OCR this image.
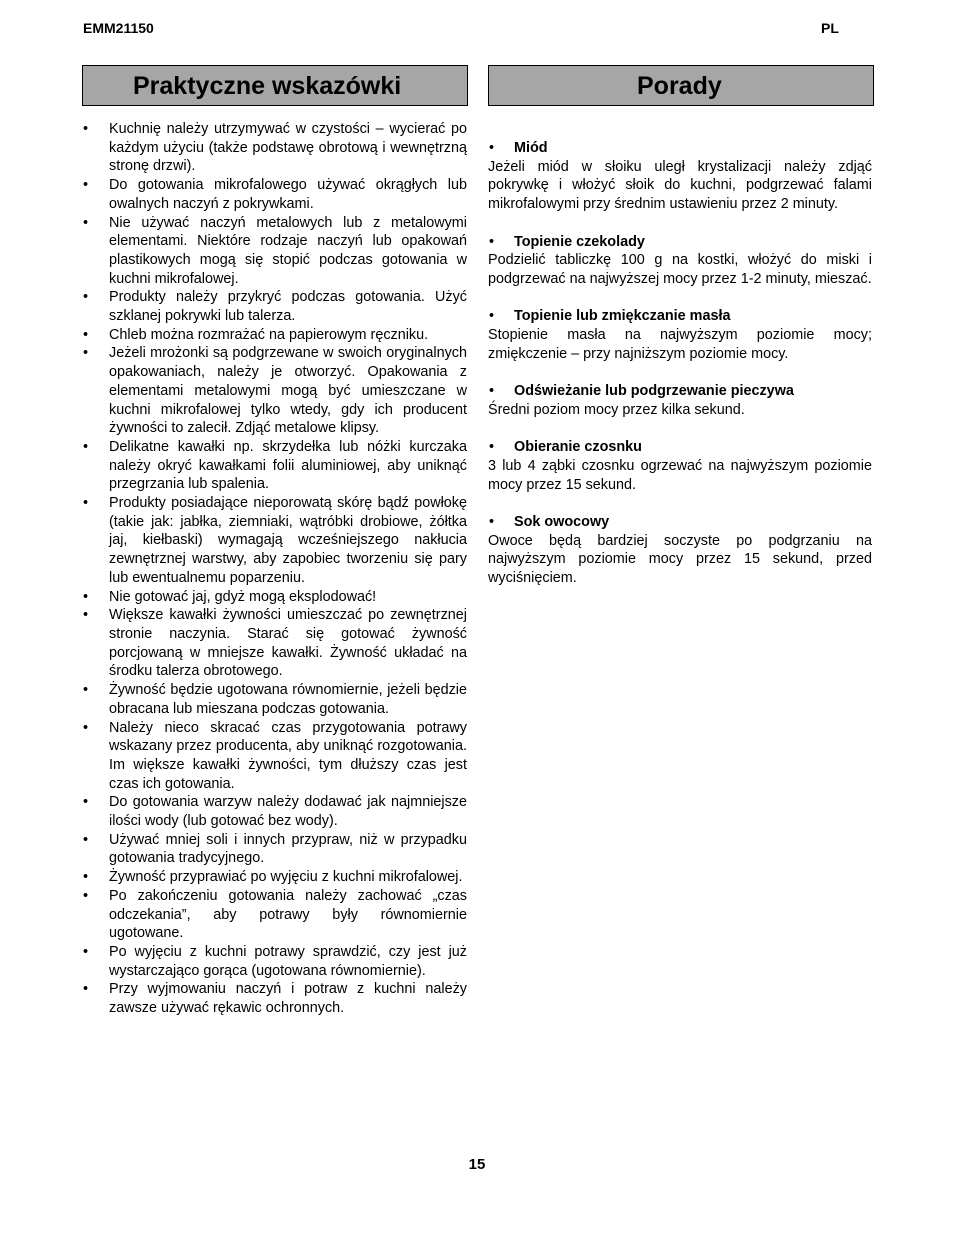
EMM21150	PL
Praktyczne wskazówki	Porady
• Kuchnię należy utrzymywać w czystości – wycierać po każdym użyciu (także podstawę obrotową i wewnętrzną stronę drzwi).
• Do gotowania mikrofalowego używać okrągłych lub owalnych naczyń z pokrywkami.
• Nie używać naczyń metalowych lub z metalowymi elementami. Niektóre rodzaje naczyń lub opakowań plastikowych mogą się stopić podczas gotowania w kuchni mikrofalowej.
• Produkty należy przykryć podczas gotowania. Użyć szklanej pokrywki lub talerza.
• Chleb można rozmrażać na papierowym ręczniku.
• Jeżeli mrożonki są podgrzewane w swoich oryginalnych opakowaniach, należy je otworzyć. Opakowania z elementami metalowymi mogą być umieszczane w kuchni mikrofalowej tylko wtedy, gdy ich producent żywności to zalecił. Zdjąć metalowe klipsy.
• Delikatne kawałki np. skrzydełka lub nóżki kurczaka należy okryć kawałkami folii aluminiowej, aby uniknąć przegrzania lub spalenia.
• Produkty posiadające nieporowatą skórę bądź powłokę (takie jak: jabłka, ziemniaki, wątróbki drobiowe, żółtka jaj, kiełbaski) wymagają wcześniejszego nakłucia zewnętrznej warstwy, aby zapobiec tworzeniu się pary lub ewentualnemu poparzeniu.
• Nie gotować jaj, gdyż mogą eksplodować!
• Większe kawałki żywności umieszczać po zewnętrznej stronie naczynia. Starać się gotować żywność porcjowaną w mniejsze kawałki. Żywność układać na środku talerza obrotowego.
• Żywność będzie ugotowana równomiernie, jeżeli będzie obracana lub mieszana podczas gotowania.
• Należy nieco skracać czas przygotowania potrawy wskazany przez producenta, aby uniknąć rozgotowania. Im większe kawałki żywności, tym dłuższy czas jest czas ich gotowania.
• Do gotowania warzyw należy dodawać jak najmniejsze ilości wody (lub gotować bez wody).
• Używać mniej soli i innych przypraw, niż w przypadku gotowania tradycyjnego.
• Żywność przyprawiać po wyjęciu z kuchni mikrofalowej.
• Po zakończeniu gotowania należy zachować „czas odczekania”, aby potrawy były równomiernie ugotowane.
• Po wyjęciu z kuchni potrawy sprawdzić, czy jest już wystarczająco gorąca (ugotowana równomiernie).
• Przy wyjmowaniu naczyń i potraw z kuchni należy zawsze używać rękawic ochronnych.
• Miód
Jeżeli miód w słoiku uległ krystalizacji należy zdjąć pokrywkę i włożyć słoik do kuchni, podgrzewać falami mikrofalowymi przy średnim ustawieniu przez 2 minuty.
• Topienie czekolady
Podzielić tabliczkę 100 g na kostki, włożyć do miski i podgrzewać na najwyższej mocy przez 1-2 minuty, mieszać.
• Topienie lub zmiękczanie masła
Stopienie masła na najwyższym poziomie mocy; zmiękczenie – przy najniższym poziomie mocy.
• Odświeżanie lub podgrzewanie pieczywa
Średni poziom mocy przez kilka sekund.
• Obieranie czosnku
3 lub 4 ząbki czosnku ogrzewać na najwyższym poziomie mocy przez 15 sekund.
• Sok owocowy
Owoce będą bardziej soczyste po podgrzaniu na najwyższym poziomie mocy przez 15 sekund, przed wyciśnięciem.
15
